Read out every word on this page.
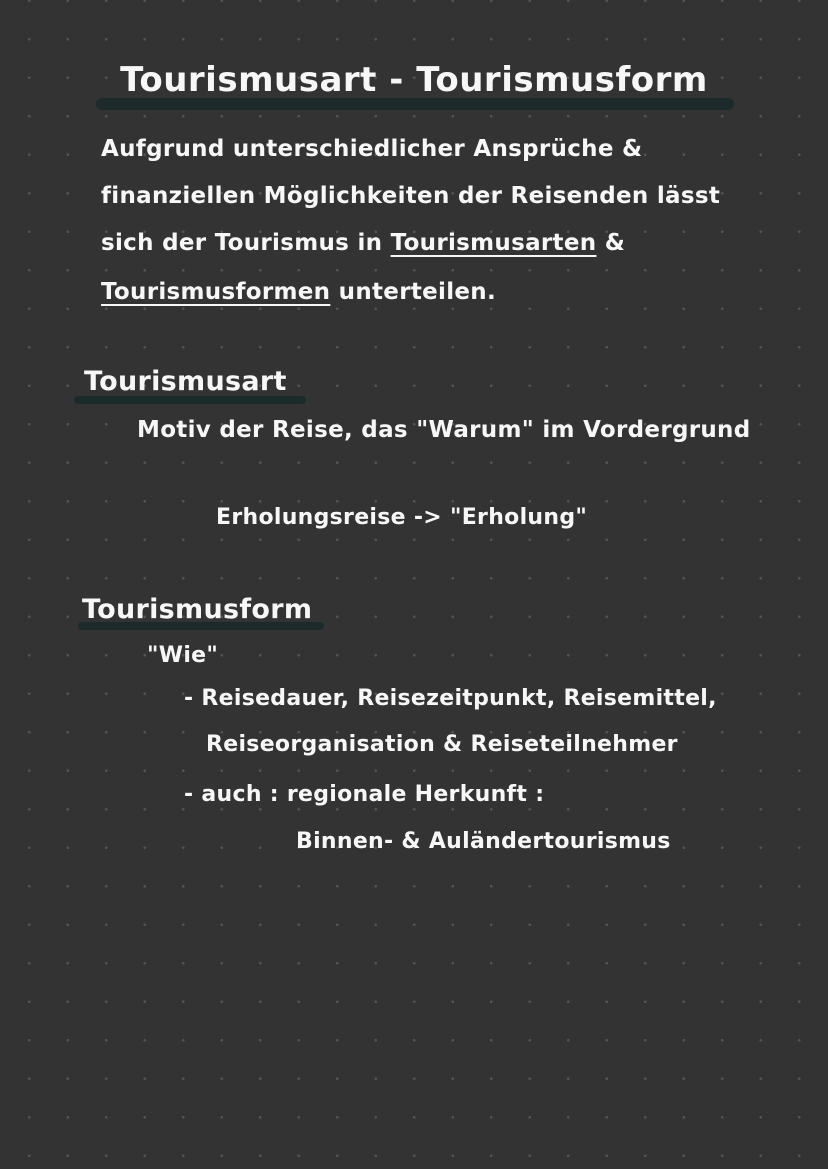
Tourismusart - Tourismusform
Aufgrund unterschiedlicher Ansprüche &
finanziellen Möglichkeiten der Reisenden lässt
sich der Tourismus in Tourismusarten &
Tourismusformen unterteilen.
Tourismusart
Motiv der Reise, das "Warum" im Vordergrund
Erholungsreise -> "Erholung"
Tourismusform
"Wie"
- Reisedauer, Reisezeitpunkt, Reisemittel,
Reiseorganisation & Reiseteilnehmer
- auch : regionale Herkunft :
Binnen- & Auländertourismus
